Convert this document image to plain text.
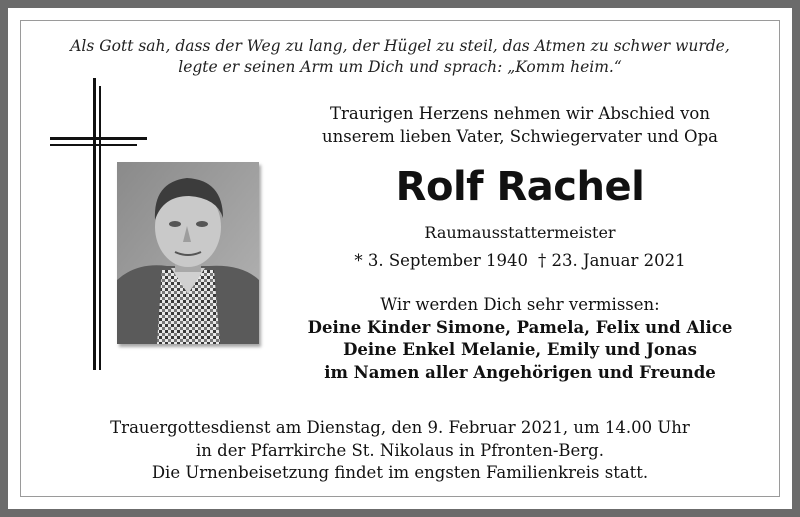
Als Gott sah, dass der Weg zu lang, der Hügel zu steil, das Atmen zu schwer wurde,
legte er seinen Arm um Dich und sprach: „Komm heim.“
Traurigen Herzens nehmen wir Abschied von
unserem lieben Vater, Schwiegervater und Opa
Rolf Rachel
Raumausstattermeister
* 3. September 1940 † 23. Januar 2021
Wir werden Dich sehr vermissen:
Deine Kinder Simone, Pamela, Felix und Alice
Deine Enkel Melanie, Emily und Jonas
im Namen aller Angehörigen und Freunde
Trauergottesdienst am Dienstag, den 9. Februar 2021, um 14.00 Uhr
in der Pfarrkirche St. Nikolaus in Pfronten-Berg.
Die Urnenbeisetzung findet im engsten Familienkreis statt.
